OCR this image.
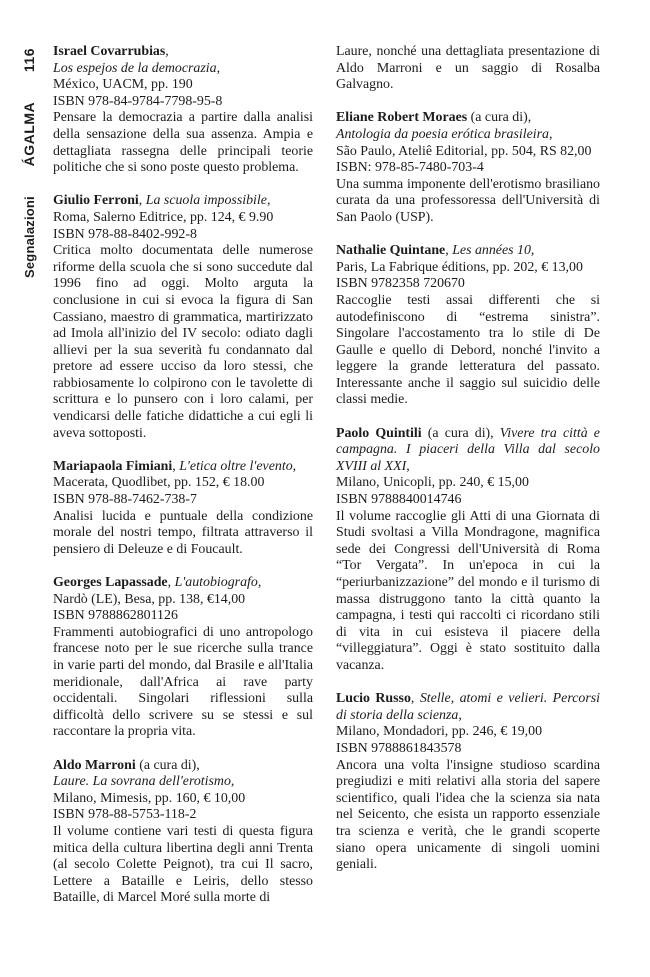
Segnalazioni
ÁGALMA
116 Israel Covarrubias,
Los espejos de la democrazia,

México, UACM, pp. 190

ISBN 978-84-9784-7798-95-8

Pensare la democrazia a partire dalla analisi della sensazione della sua assenza. Ampia e dettagliata rassegna delle principali teorie politiche che si sono poste questo problema.

Giulio Ferroni, La scuola impossibile,

Roma, Salerno Editrice, pp. 124, € 9.90

ISBN 978-88-8402-992-8

Critica molto documentata delle numerose riforme della scuola che si sono succedute dal 1996 fino ad oggi. Molto arguta la conclusione in cui si evoca la figura di San Cassiano, maestro di grammatica, martirizzato ad Imola all'inizio del IV secolo: odiato dagli allievi per la sua severità fu condannato dal pretore ad essere ucciso da loro stessi, che rabbiosamente lo colpirono con le tavolette di scrittura e lo punsero con i loro calami, per vendicarsi delle fatiche didattiche a cui egli li aveva sottoposti.

Mariapaola Fimiani, L'etica oltre l'evento,

Macerata, Quodlibet, pp. 152, € 18.00

ISBN 978-88-7462-738-7

Analisi lucida e puntuale della condizione morale del nostri tempo, filtrata attraverso il pensiero di Deleuze e di Foucault.

Georges Lapassade, L'autobiografo,

Nardò (LE), Besa, pp. 138, €14,00

ISBN 9788862801126

Frammenti autobiografici di uno antropologo francese noto per le sue ricerche sulla trance in varie parti del mondo, dal Brasile e all'Italia meridionale, dall'Africa ai rave party occidentali. Singolari riflessioni sulla difficoltà dello scrivere su se stessi e sul raccontare la propria vita.

Aldo Marroni (a cura di),
Laure. La sovrana dell'erotismo,

Milano, Mimesis, pp. 160, € 10,00

ISBN 978-88-5753-118-2

Il volume contiene vari testi di questa figura mitica della cultura libertina degli anni Trenta (al secolo Colette Peignot), tra cui Il sacro, Lettere a Bataille e Leiris, dello stesso Bataille, di Marcel Moré sulla morte di

Laure, nonché una dettagliata presentazione di Aldo Marroni e un saggio di Rosalba Galvagno.

Eliane Robert Moraes (a cura di),
Antologia da poesia erótica brasileira,

São Paulo, Ateliê Editorial, pp. 504, RS 82,00

ISBN: 978-85-7480-703-4

Una summa imponente dell'erotismo brasiliano curata da una professoressa dell'Università di San Paolo (USP).

Nathalie Quintane, Les années 10,

Paris, La Fabrique éditions, pp. 202, € 13,00

ISBN 9782358 720670

Raccoglie testi assai differenti che si autodefiniscono di “estrema sinistra”. Singolare l'accostamento tra lo stile di De Gaulle e quello di Debord, nonché l'invito a leggere la grande letteratura del passato. Interessante anche il saggio sul suicidio delle classi medie.

Paolo Quintili (a cura di), Vivere tra città e campagna. I piaceri della Villa dal secolo XVIII al XXI,

Milano, Unicopli, pp. 240, € 15,00

ISBN 9788840014746

Il volume raccoglie gli Atti di una Giornata di Studi svoltasi a Villa Mondragone, magnifica sede dei Congressi dell'Università di Roma “Tor Vergata”. In un'epoca in cui la “periurbanizzazione” del mondo e il turismo di massa distruggono tanto la città quanto la campagna, i testi qui raccolti ci ricordano stili di vita in cui esisteva il piacere della “villeggiatura”. Oggi è stato sostituito dalla vacanza.

Lucio Russo, Stelle, atomi e velieri. Percorsi di storia della scienza,

Milano, Mondadori, pp. 246, € 19,00

ISBN 9788861843578

Ancora una volta l'insigne studioso scardina pregiudizi e miti relativi alla storia del sapere scientifico, quali l'idea che la scienza sia nata nel Seicento, che esista un rapporto essenziale tra scienza e verità, che le grandi scoperte siano opera unicamente di singoli uomini geniali.
